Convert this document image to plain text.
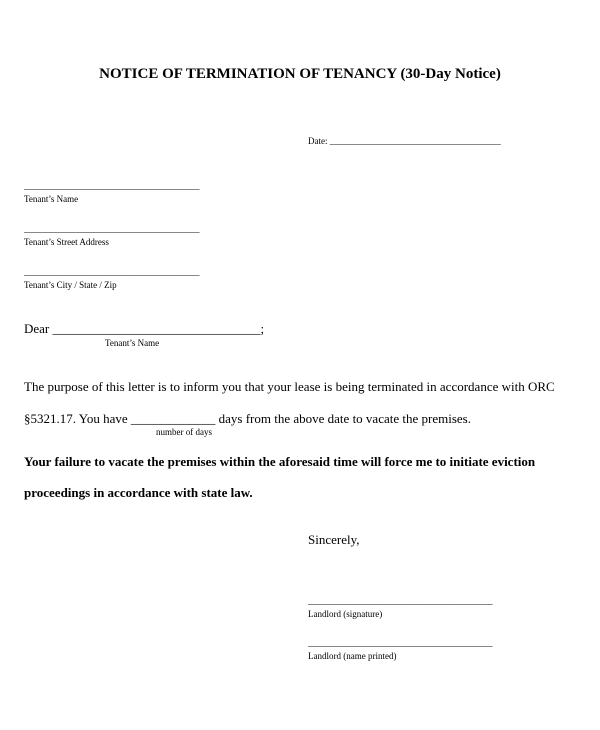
NOTICE OF TERMINATION OF TENANCY (30-Day Notice)
Date: ______________________________________
_______________________________________
Tenant’s Name
_______________________________________
Tenant’s Street Address
_______________________________________
Tenant’s City / State / Zip
Dear ________________________________;
Tenant’s Name
The purpose of this letter is to inform you that your lease is being terminated in accordance with ORC
§5321.17. You have _____________ days from the above date to vacate the premises.
number of days
Your failure to vacate the premises within the aforesaid time will force me to initiate eviction
proceedings in accordance with state law.
Sincerely,
_________________________________________
Landlord (signature)
_________________________________________
Landlord (name printed)
